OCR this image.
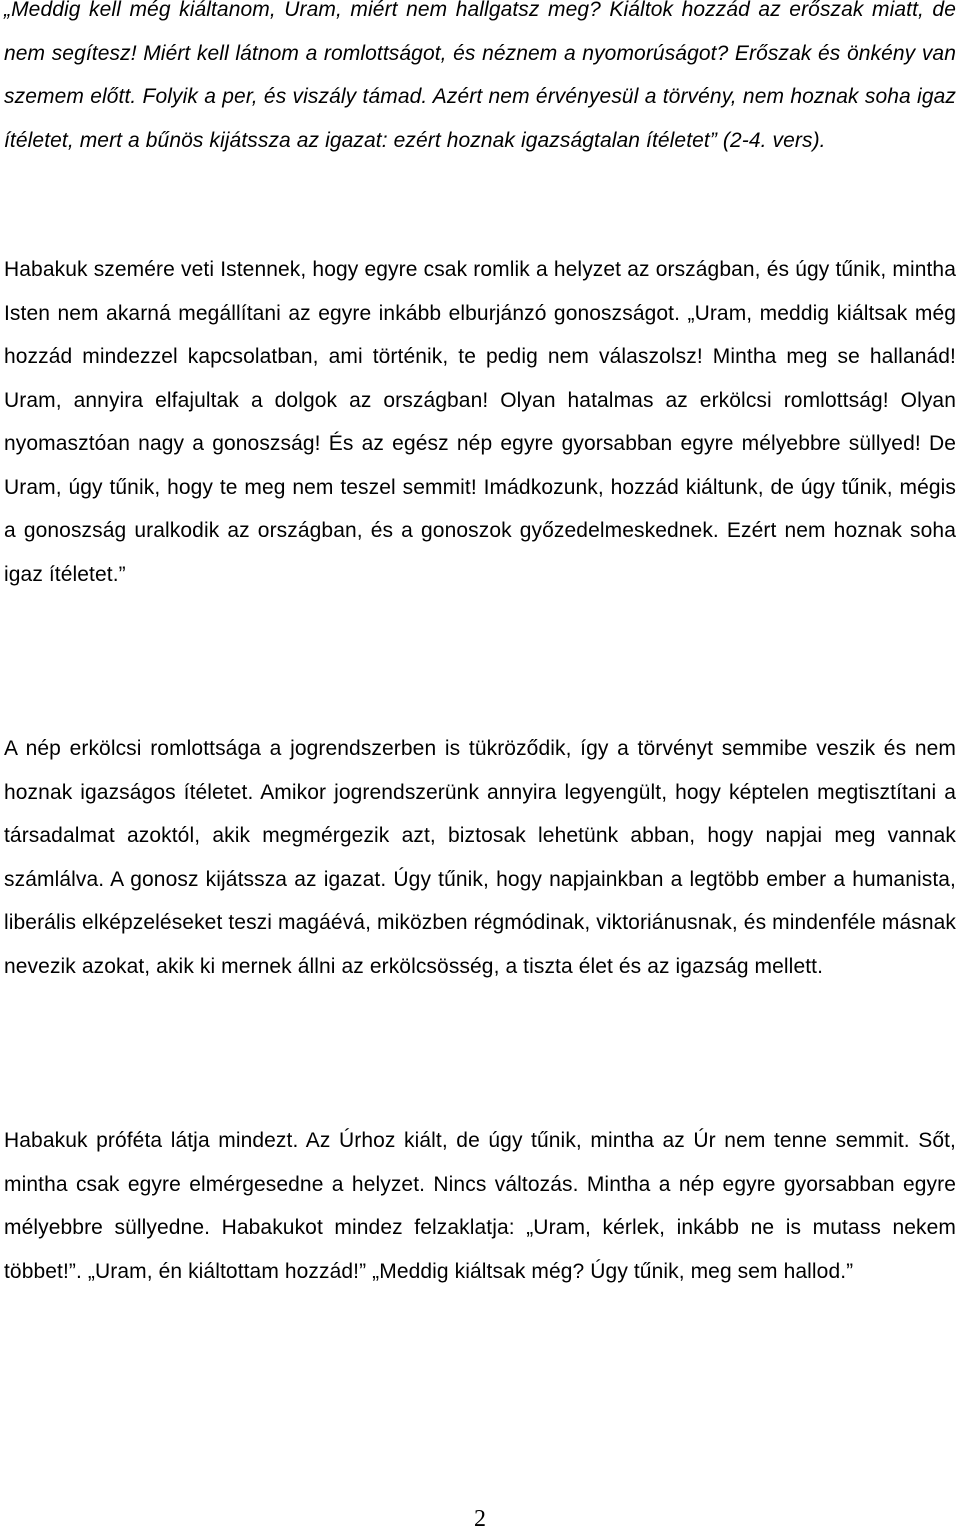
„Meddig kell még kiáltanom, Uram, miért nem hallgatsz meg? Kiáltok hozzád az erőszak miatt, de nem segítesz! Miért kell látnom a romlottságot, és néznem a nyomorúságot? Erőszak és önkény van szemem előtt. Folyik a per, és viszály támad. Azért nem érvényesül a törvény, nem hoznak soha igaz ítéletet, mert a bűnös kijátssza az igazat: ezért hoznak igazságtalan ítéletet” (2-4. vers).

Habakuk szemére veti Istennek, hogy egyre csak romlik a helyzet az országban, és úgy tűnik, mintha Isten nem akarná megállítani az egyre inkább elburjánzó gonoszságot. „Uram, meddig kiáltsak még hozzád mindezzel kapcsolatban, ami történik, te pedig nem válaszolsz! Mintha meg se hallanád! Uram, annyira elfajultak a dolgok az országban! Olyan hatalmas az erkölcsi romlottság! Olyan nyomasztóan nagy a gonoszság! És az egész nép egyre gyorsabban egyre mélyebbre süllyed! De Uram, úgy tűnik, hogy te meg nem teszel semmit! Imádkozunk, hozzád kiáltunk, de úgy tűnik, mégis a gonoszság uralkodik az országban, és a gonoszok győzedelmeskednek. Ezért nem hoznak soha igaz ítéletet.”

A nép erkölcsi romlottsága a jogrendszerben is tükröződik, így a törvényt semmibe veszik és nem hoznak igazságos ítéletet. Amikor jogrendszerünk annyira legyengült, hogy képtelen megtisztítani a társadalmat azoktól, akik megmérgezik azt, biztosak lehetünk abban, hogy napjai meg vannak számlálva. A gonosz kijátssza az igazat. Úgy tűnik, hogy napjainkban a legtöbb ember a humanista, liberális elképzeléseket teszi magáévá, miközben régmódinak, viktoriánusnak, és mindenféle másnak nevezik azokat, akik ki mernek állni az erkölcsösség, a tiszta élet és az igazság mellett.

Habakuk próféta látja mindezt. Az Úrhoz kiált, de úgy tűnik, mintha az Úr nem tenne semmit. Sőt, mintha csak egyre elmérgesedne a helyzet. Nincs változás. Mintha a nép egyre gyorsabban egyre mélyebbre süllyedne. Habakukot mindez felzaklatja: „Uram, kérlek, inkább ne is mutass nekem többet!”. „Uram, én kiáltottam hozzád!” „Meddig kiáltsak még? Úgy tűnik, meg sem hallod.”

2
